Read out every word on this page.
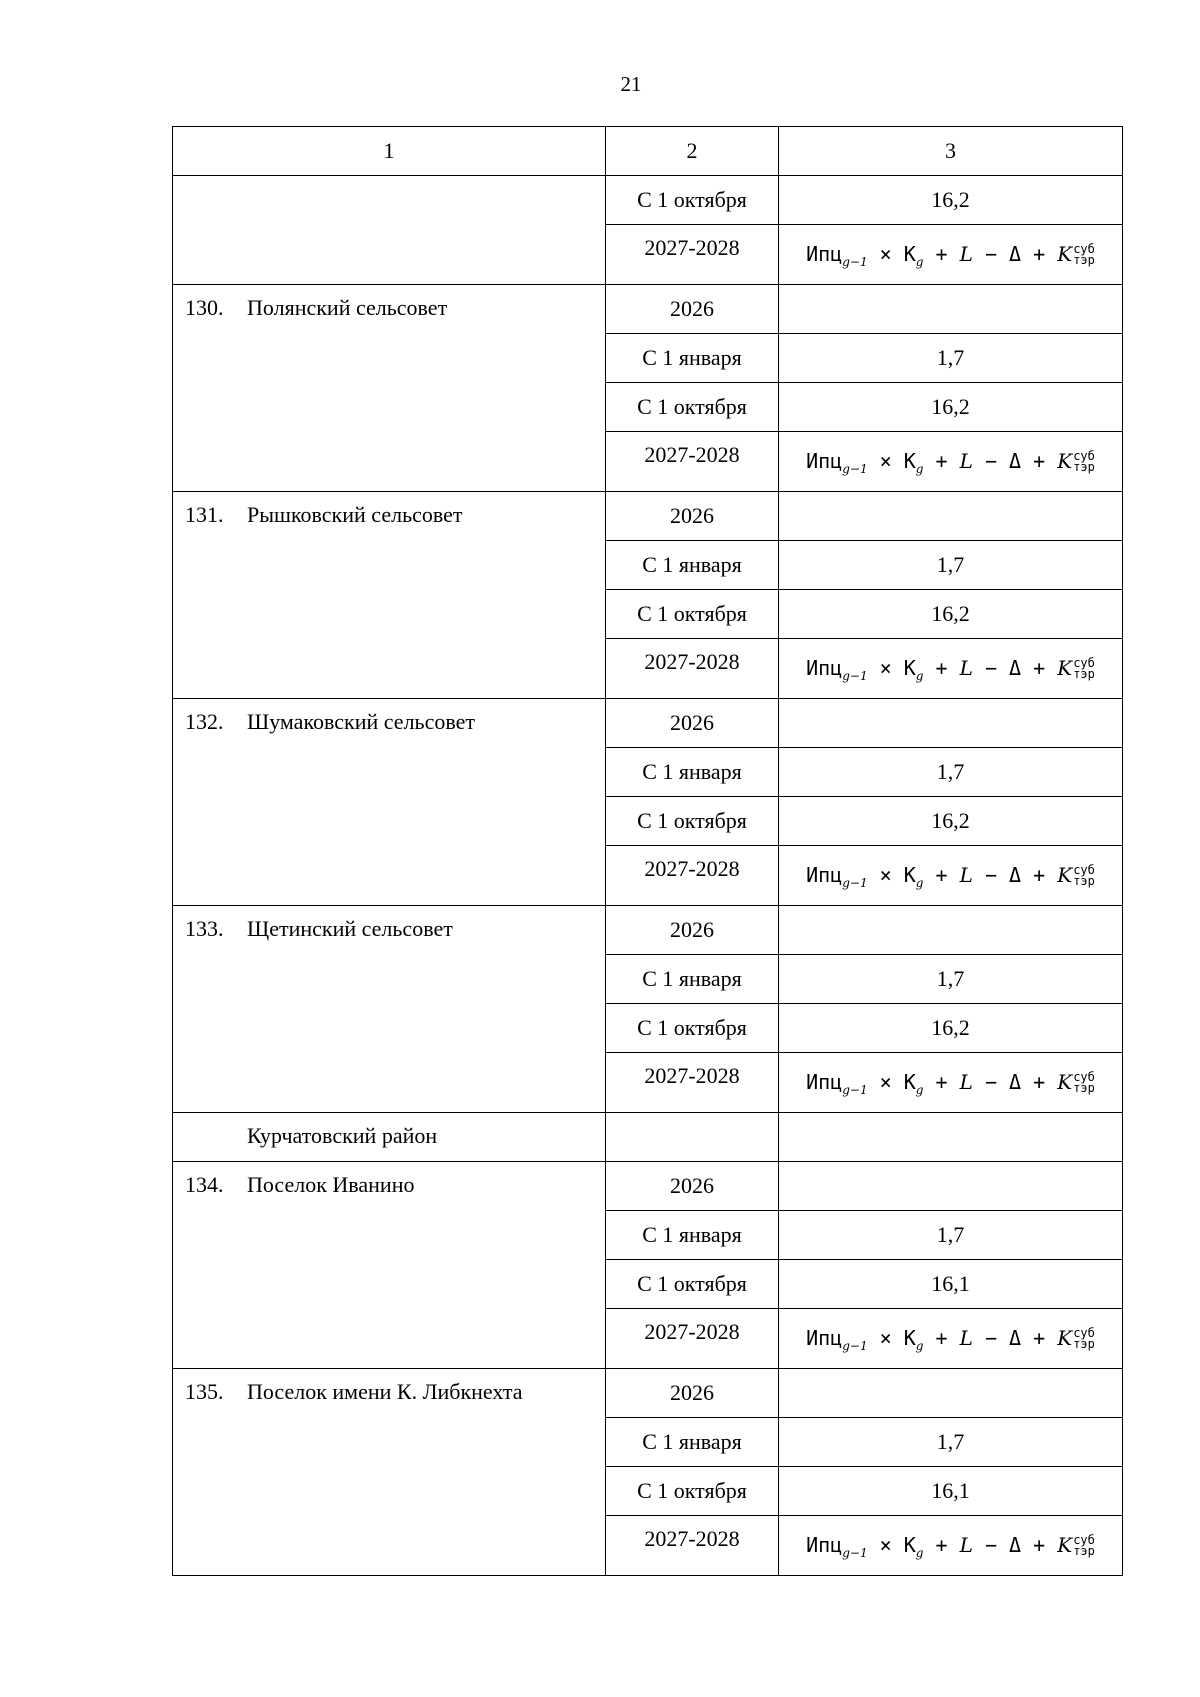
21
1	2	3
	С 1 октября	16,2
	2027-2028	$Ипц_{g-1} \times К_g + L - \Delta + K$ суб
тэр

130. Полянский сельсовет	2026	
	С 1 января	1,7
	С 1 октября	16,2
	2027-2028	$Ипц_{g-1} \times К_g + L - \Delta + K$ суб
тэр

131. Рышковский сельсовет	2026	
	С 1 января	1,7
	С 1 октября	16,2
	2027-2028	$Ипц_{g-1} \times К_g + L - \Delta + K$ суб
тэр

132. Шумаковский сельсовет	2026	
	С 1 января	1,7
	С 1 октября	16,2
	2027-2028	$Ипц_{g-1} \times К_g + L - \Delta + K$ суб
тэр

133. Щетинский сельсовет	2026	
	С 1 января	1,7
	С 1 октября	16,2
	2027-2028	$Ипц_{g-1} \times К_g + L - \Delta + K$ суб
тэр

Курчатовский район		

134. Поселок Иванино	2026	
	С 1 января	1,7
	С 1 октября	16,1
	2027-2028	$Ипц_{g-1} \times К_g + L - \Delta + K$ суб
тэр

135. Поселок имени К. Либкнехта	2026	
	С 1 января	1,7
	С 1 октября	16,1
	2027-2028	$Ипц_{g-1} \times К_g + L - \Delta + K$ суб
тэр
